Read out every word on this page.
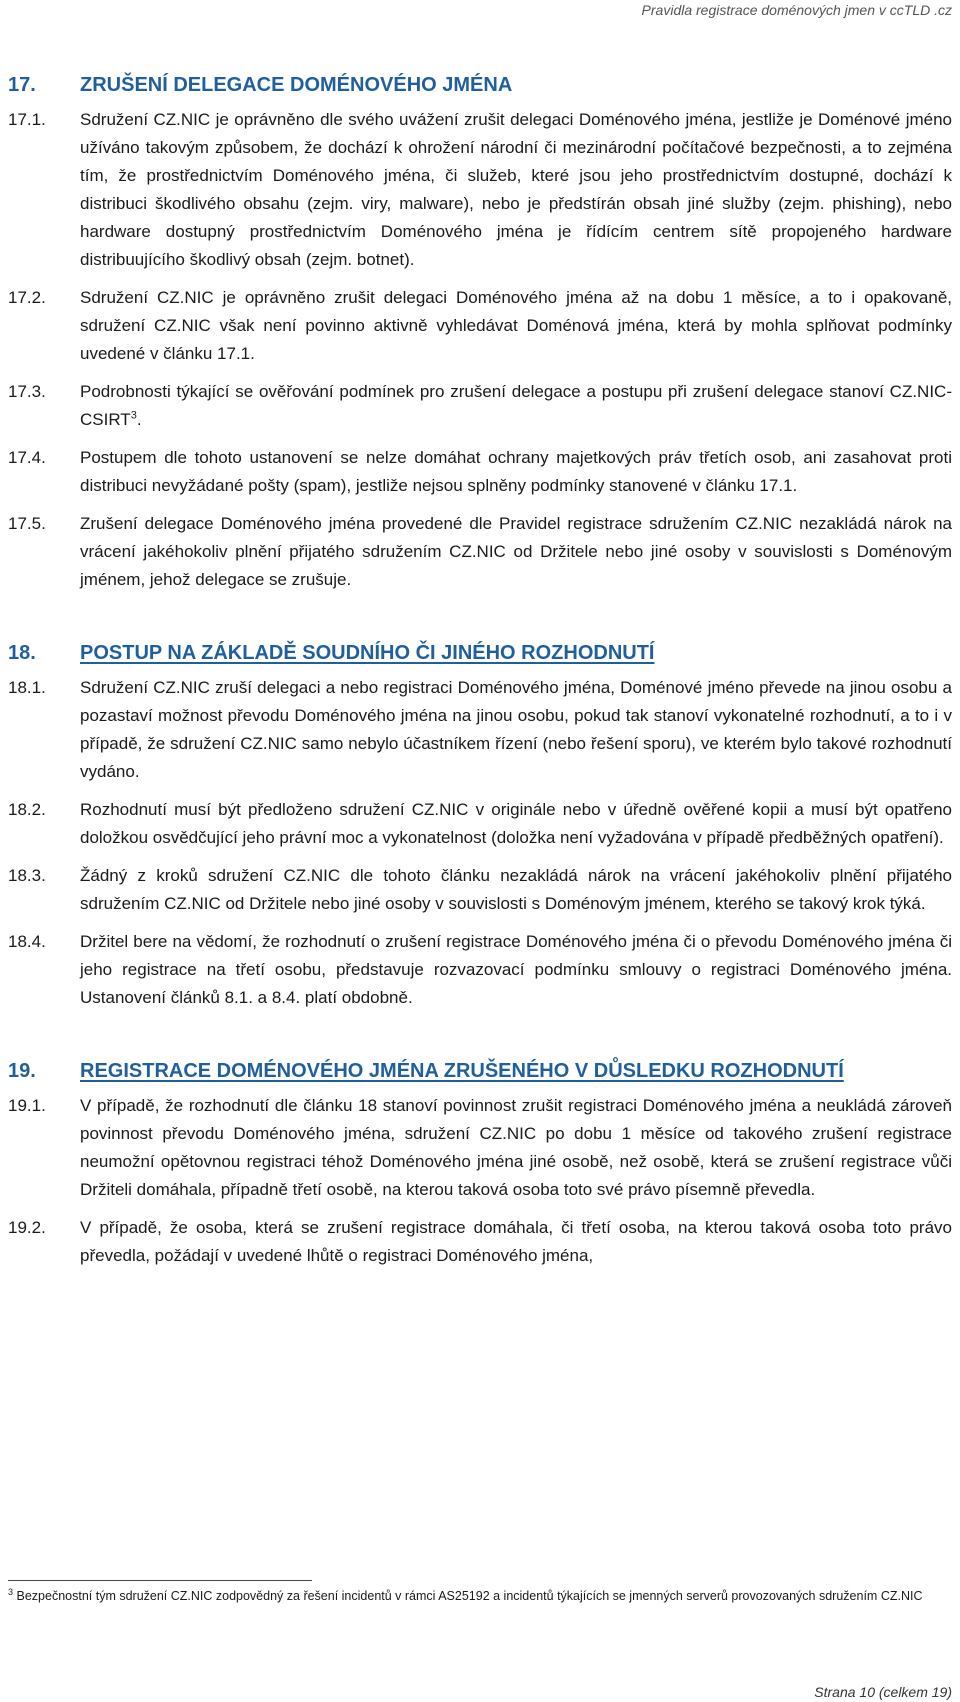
Pravidla registrace doménových jmen v ccTLD .cz
17.	ZRUŠENÍ DELEGACE DOMÉNOVÉHO JMÉNA
17.1.	Sdružení CZ.NIC je oprávněno dle svého uvážení zrušit delegaci Doménového jména, jestliže je Doménové jméno užíváno takovým způsobem, že dochází k ohrožení národní či mezinárodní počítačové bezpečnosti, a to zejména tím, že prostřednictvím Doménového jména, či služeb, které jsou jeho prostřednictvím dostupné, dochází k distribuci škodlivého obsahu (zejm. viry, malware), nebo je předstírán obsah jiné služby (zejm. phishing), nebo hardware dostupný prostřednictvím Doménového jména je řídícím centrem sítě propojeného hardware distribuujícího škodlivý obsah (zejm. botnet).
17.2.	Sdružení CZ.NIC je oprávněno zrušit delegaci Doménového jména až na dobu 1 měsíce, a to i opakovaně, sdružení CZ.NIC však není povinno aktivně vyhledávat Doménová jména, která by mohla splňovat podmínky uvedené v článku 17.1.
17.3.	Podrobnosti týkající se ověřování podmínek pro zrušení delegace a postupu při zrušení delegace stanoví CZ.NIC-CSIRT$^3$.
17.4.	Postupem dle tohoto ustanovení se nelze domáhat ochrany majetkových práv třetích osob, ani zasahovat proti distribuci nevyžádané pošty (spam), jestliže nejsou splněny podmínky stanovené v článku 17.1.
17.5.	Zrušení delegace Doménového jména provedené dle Pravidel registrace sdružením CZ.NIC nezakládá nárok na vrácení jakéhokoliv plnění přijatého sdružením CZ.NIC od Držitele nebo jiné osoby v souvislosti s Doménovým jménem, jehož delegace se zrušuje.
18.	POSTUP NA ZÁKLADĚ SOUDNÍHO ČI JINÉHO ROZHODNUTÍ
18.1.	Sdružení CZ.NIC zruší delegaci a nebo registraci Doménového jména, Doménové jméno převede na jinou osobu a pozastaví možnost převodu Doménového jména na jinou osobu, pokud tak stanoví vykonatelné rozhodnutí, a to i v případě, že sdružení CZ.NIC samo nebylo účastníkem řízení (nebo řešení sporu), ve kterém bylo takové rozhodnutí vydáno.
18.2.	Rozhodnutí musí být předloženo sdružení CZ.NIC v originále nebo v úředně ověřené kopii a musí být opatřeno doložkou osvědčující jeho právní moc a vykonatelnost (doložka není vyžadována v případě předběžných opatření).
18.3.	Žádný z kroků sdružení CZ.NIC dle tohoto článku nezakládá nárok na vrácení jakéhokoliv plnění přijatého sdružením CZ.NIC od Držitele nebo jiné osoby v souvislosti s Doménovým jménem, kterého se takový krok týká.
18.4.	Držitel bere na vědomí, že rozhodnutí o zrušení registrace Doménového jména či o převodu Doménového jména či jeho registrace na třetí osobu, představuje rozvazovací podmínku smlouvy o registraci Doménového jména. Ustanovení článků 8.1. a 8.4. platí obdobně.
19.	REGISTRACE DOMÉNOVÉHO JMÉNA ZRUŠENÉHO V DŮSLEDKU ROZHODNUTÍ
19.1.	V případě, že rozhodnutí dle článku 18 stanoví povinnost zrušit registraci Doménového jména a neukládá zároveň povinnost převodu Doménového jména, sdružení CZ.NIC po dobu 1 měsíce od takového zrušení registrace neumožní opětovnou registraci téhož Doménového jména jiné osobě, než osobě, která se zrušení registrace vůči Držiteli domáhala, případně třetí osobě, na kterou taková osoba toto své právo písemně převedla.
19.2.	V případě, že osoba, která se zrušení registrace domáhala, či třetí osoba, na kterou taková osoba toto právo převedla, požádají v uvedené lhůtě o registraci Doménového jména,
$^3$ Bezpečnostní tým sdružení CZ.NIC zodpovědný za řešení incidentů v rámci AS25192 a incidentů týkajících se jmenných serverů provozovaných sdružením CZ.NIC
Strana 10 (celkem 19)
